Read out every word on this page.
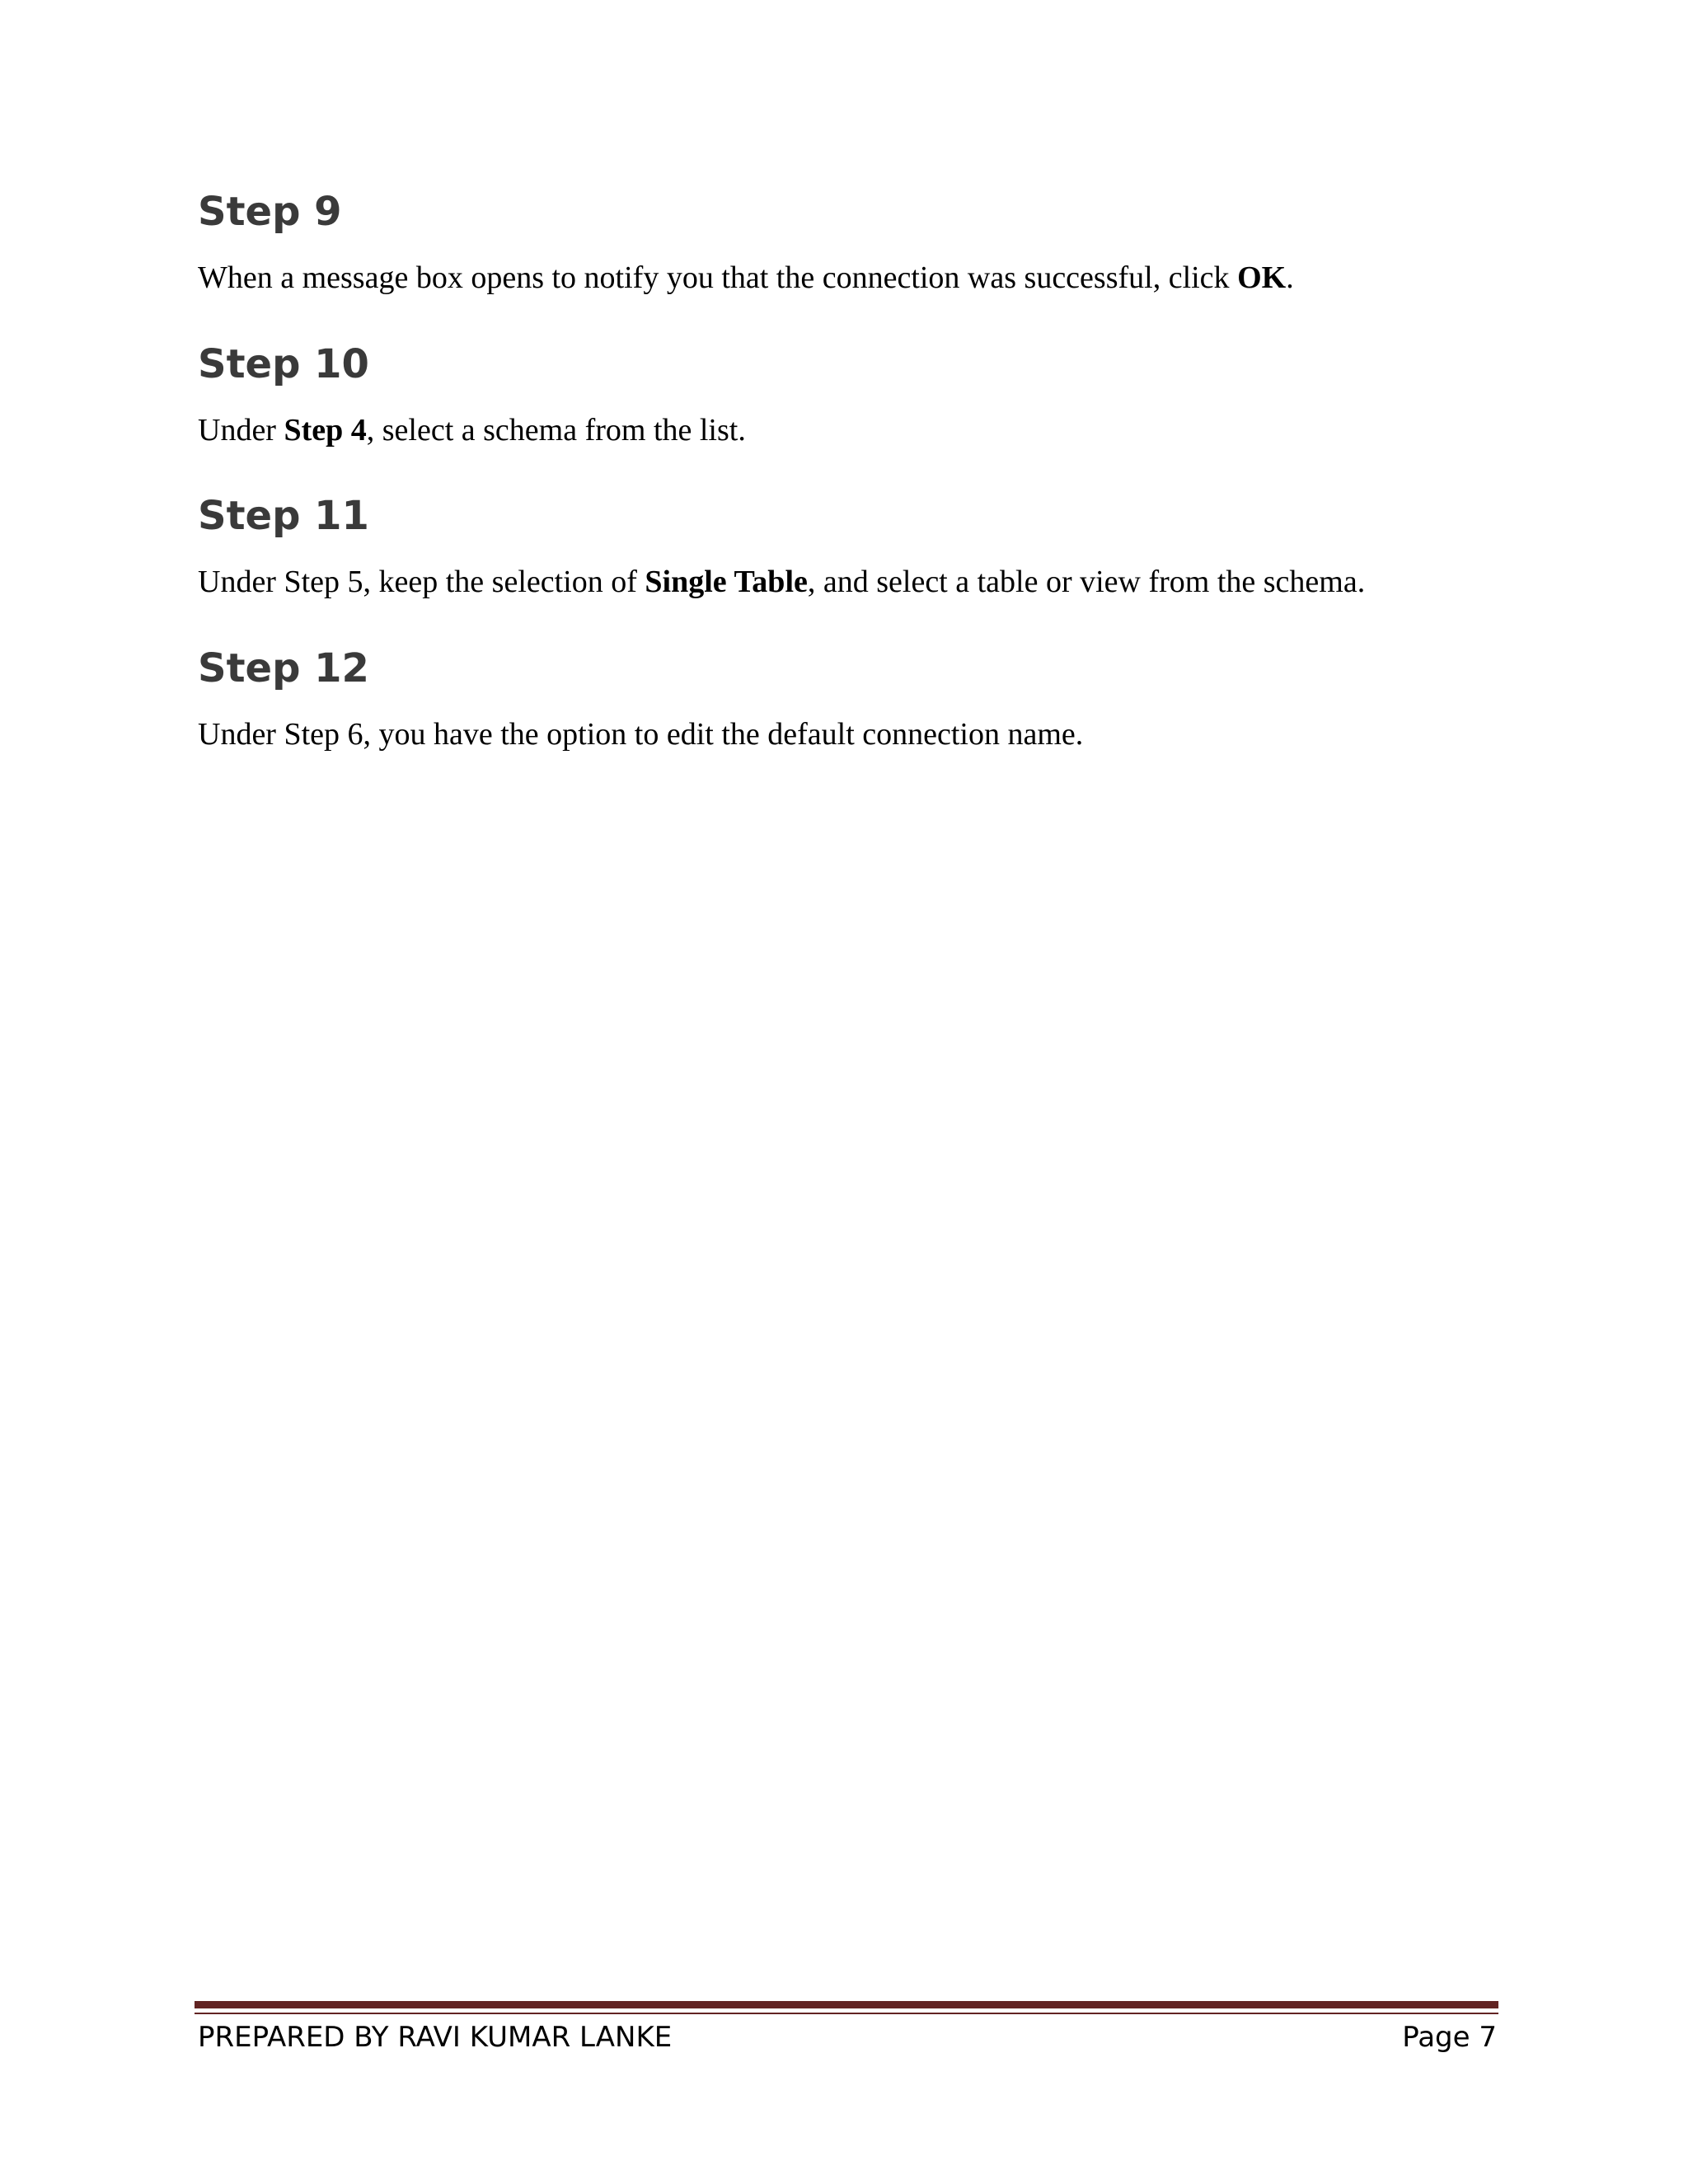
Step 9

When a message box opens to notify you that the connection was successful, click OK.

Step 10

Under Step 4, select a schema from the list.

Step 11

Under Step 5, keep the selection of Single Table, and select a table or view from the schema.

Step 12

Under Step 6, you have the option to edit the default connection name.

PREPARED BY RAVI KUMAR LANKE	Page 7
